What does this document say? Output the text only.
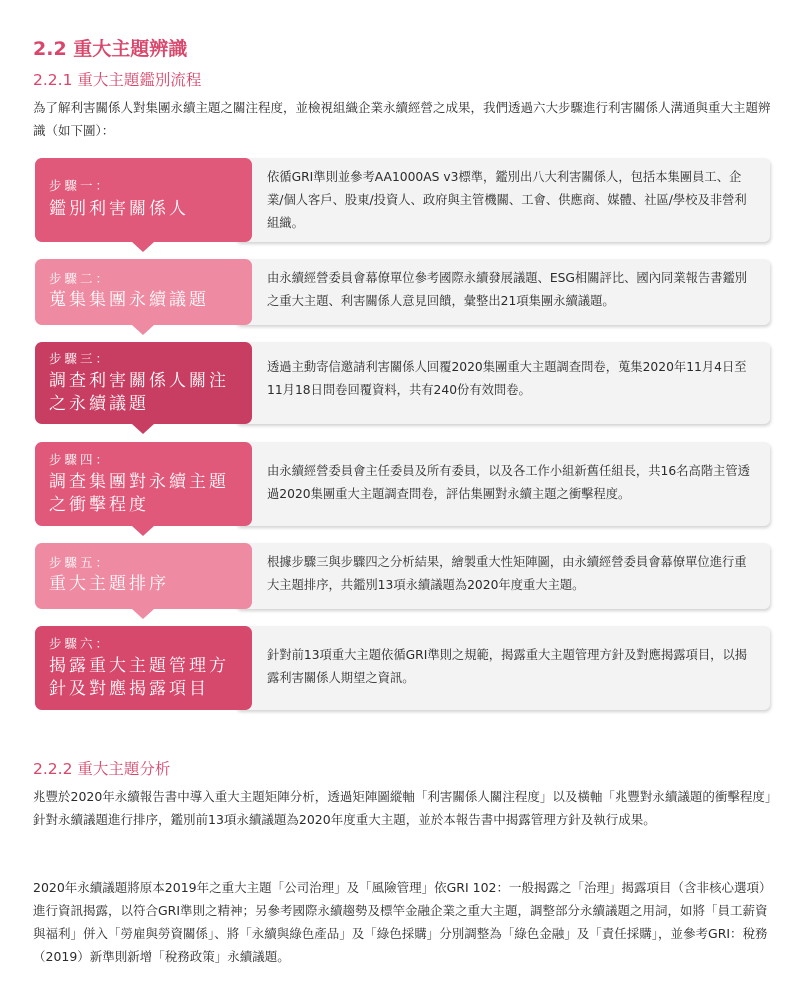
2.2 重大主題辨識
2.2.1 重大主題鑑別流程
為了解利害關係人對集團永續主題之關注程度，並檢視組織企業永續經營之成果，我們透過六大步驟進行利害關係人溝通與重大主題辨識（如下圖）：
依循GRI準則並參考AA1000AS v3標準，鑑別出八大利害關係人，包括本集團員工、企業/個人客戶、股東/投資人、政府與主管機關、工會、供應商、媒體、社區/學校及非營利組織。
步驟一：
鑑別利害關係人
由永續經營委員會幕僚單位參考國際永續發展議題、ESG相關評比、國內同業報告書鑑別之重大主題、利害關係人意見回饋，彙整出21項集團永續議題。
步驟二：
蒐集集團永續議題
透過主動寄信邀請利害關係人回覆2020集團重大主題調查問卷，蒐集2020年11月4日至11月18日問卷回覆資料，共有240份有效問卷。
步驟三：
調查利害關係人關注之永續議題
由永續經營委員會主任委員及所有委員，以及各工作小組新舊任組長，共16名高階主管透過2020集團重大主題調查問卷，評估集團對永續主題之衝擊程度。
步驟四：
調查集團對永續主題之衝擊程度
根據步驟三與步驟四之分析結果，繪製重大性矩陣圖，由永續經營委員會幕僚單位進行重大主題排序，共鑑別13項永續議題為2020年度重大主題。
步驟五：
重大主題排序
針對前13項重大主題依循GRI準則之規範，揭露重大主題管理方針及對應揭露項目，以揭露利害關係人期望之資訊。
步驟六：
揭露重大主題管理方針及對應揭露項目
2.2.2 重大主題分析
兆豐於2020年永續報告書中導入重大主題矩陣分析，透過矩陣圖縱軸「利害關係人關注程度」以及橫軸「兆豐對永續議題的衝擊程度」針對永續議題進行排序，鑑別前13項永續議題為2020年度重大主題，並於本報告書中揭露管理方針及執行成果。
2020年永續議題將原本2019年之重大主題「公司治理」及「風險管理」依GRI 102：一般揭露之「治理」揭露項目（含非核心選項）進行資訊揭露，以符合GRI準則之精神；另參考國際永續趨勢及標竿金融企業之重大主題，調整部分永續議題之用詞，如將「員工薪資與福利」併入「勞雇與勞資關係」、將「永續與綠色產品」及「綠色採購」分別調整為「綠色金融」及「責任採購」，並參考GRI：稅務（2019）新準則新增「稅務政策」永續議題。
